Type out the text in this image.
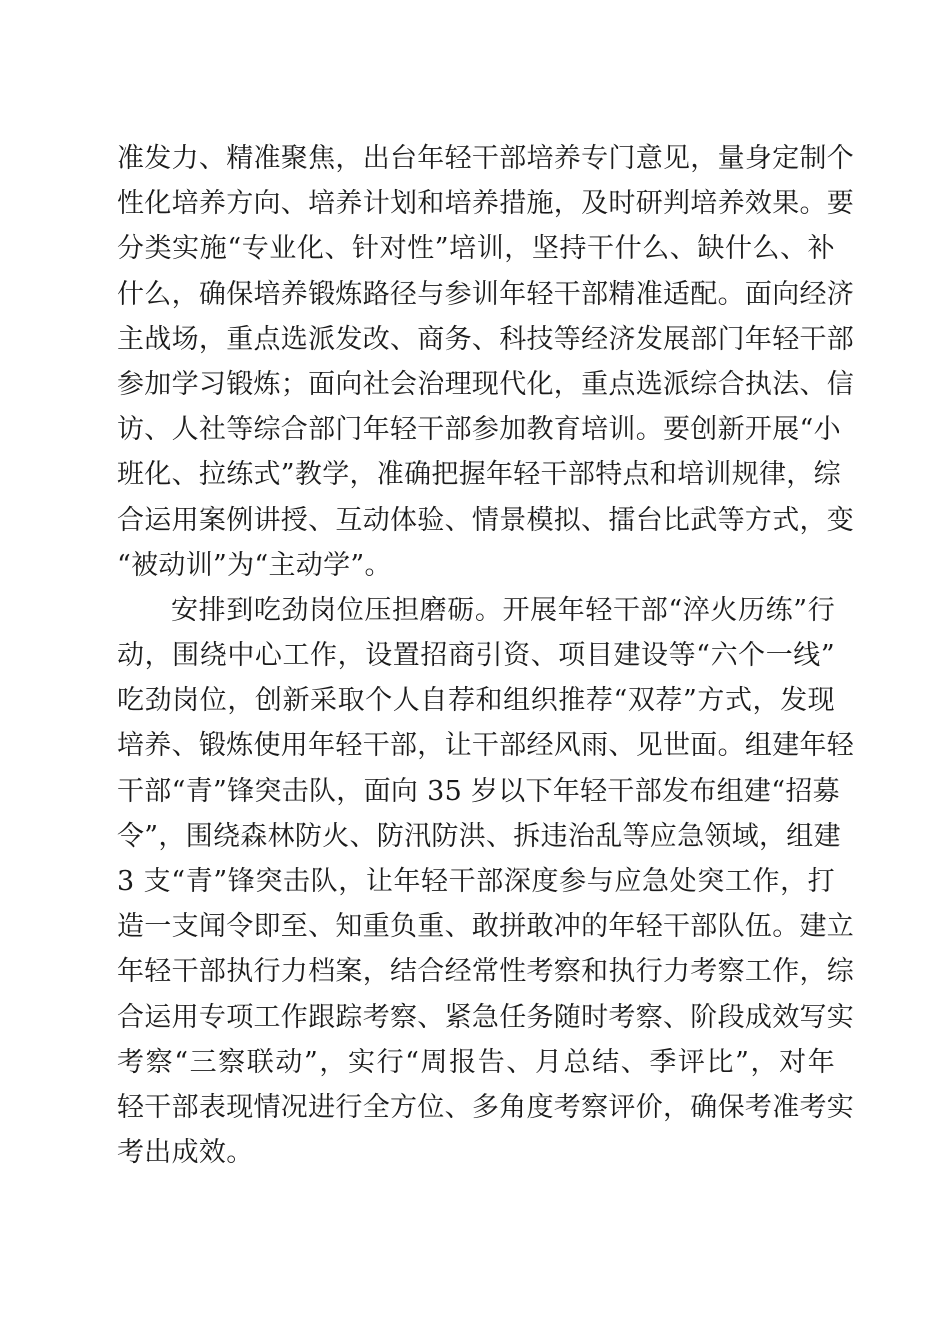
准发力、精准聚焦，出台年轻干部培养专门意见，量身定制个
性化培养方向、培养计划和培养措施，及时研判培养效果。要
分类实施“专业化、针对性”培训，坚持干什么、缺什么、补
什么，确保培养锻炼路径与参训年轻干部精准适配。面向经济
主战场，重点选派发改、商务、科技等经济发展部门年轻干部
参加学习锻炼；面向社会治理现代化，重点选派综合执法、信
访、人社等综合部门年轻干部参加教育培训。要创新开展“小
班化、拉练式”教学，准确把握年轻干部特点和培训规律，综
合运用案例讲授、互动体验、情景模拟、擂台比武等方式，变
“被动训”为“主动学”。
安排到吃劲岗位压担磨砺。开展年轻干部“淬火历练”行
动，围绕中心工作，设置招商引资、项目建设等“六个一线”
吃劲岗位，创新采取个人自荐和组织推荐“双荐”方式，发现
培养、锻炼使用年轻干部，让干部经风雨、见世面。组建年轻
干部“青”锋突击队，面向 35 岁以下年轻干部发布组建“招募
令”，围绕森林防火、防汛防洪、拆违治乱等应急领域，组建
3 支“青”锋突击队，让年轻干部深度参与应急处突工作，打
造一支闻令即至、知重负重、敢拼敢冲的年轻干部队伍。建立
年轻干部执行力档案，结合经常性考察和执行力考察工作，综
合运用专项工作跟踪考察、紧急任务随时考察、阶段成效写实
考察“三察联动”，实行“周报告、月总结、季评比”，对年
轻干部表现情况进行全方位、多角度考察评价，确保考准考实
考出成效。
